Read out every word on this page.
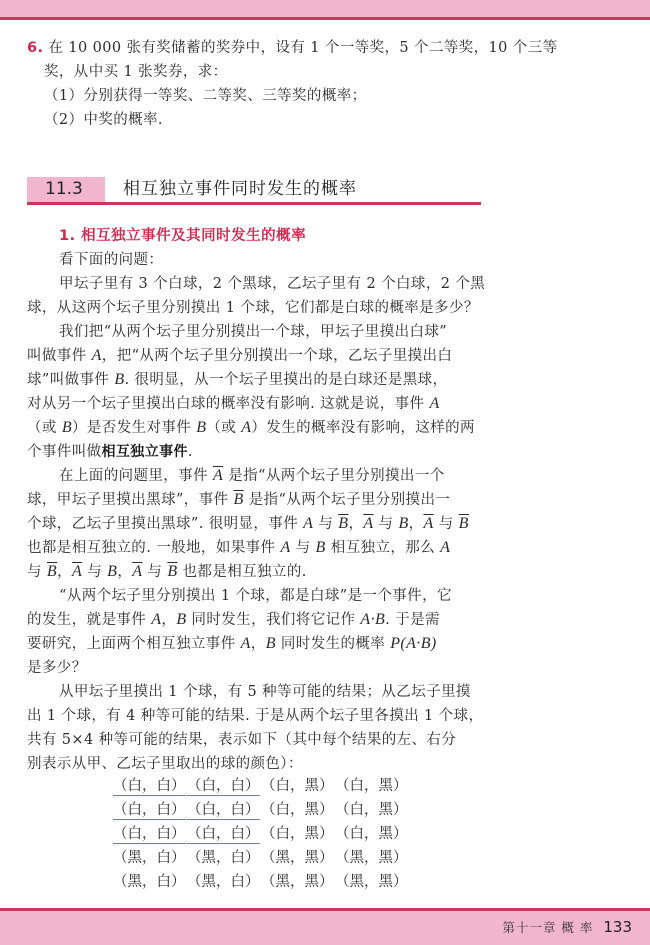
6. 在 10 000 张有奖储蓄的奖券中，设有 1 个一等奖，5 个二等奖，10 个三等
奖，从中买 1 张奖券，求：
（1）分别获得一等奖、二等奖、三等奖的概率；
（2）中奖的概率.
11.3 相互独立事件同时发生的概率
1. 相互独立事件及其同时发生的概率
看下面的问题：
甲坛子里有 3 个白球，2 个黑球，乙坛子里有 2 个白球，2 个黑
球，从这两个坛子里分别摸出 1 个球，它们都是白球的概率是多少？
我们把“从两个坛子里分别摸出一个球，甲坛子里摸出白球”
叫做事件 A，把“从两个坛子里分别摸出一个球，乙坛子里摸出白
球”叫做事件 B. 很明显，从一个坛子里摸出的是白球还是黑球，
对从另一个坛子里摸出白球的概率没有影响. 这就是说，事件 A
（或 B）是否发生对事件 B（或 A）发生的概率没有影响，这样的两
个事件叫做相互独立事件.
在上面的问题里，事件 $\overline{A}$ 是指“从两个坛子里分别摸出一个
球，甲坛子里摸出黑球”，事件 $\overline{B}$ 是指“从两个坛子里分别摸出一
个球，乙坛子里摸出黑球”. 很明显，事件 A 与 $\overline{B}$，$\overline{A}$ 与 B，$\overline{A}$ 与 $\overline{B}$
也都是相互独立的. 一般地，如果事件 A 与 B 相互独立，那么 A
与 $\overline{B}$，$\overline{A}$ 与 B，$\overline{A}$ 与 $\overline{B}$ 也都是相互独立的.
“从两个坛子里分别摸出 1 个球，都是白球”是一个事件，它
的发生，就是事件 A，B 同时发生，我们将它记作 A·B. 于是需
要研究，上面两个相互独立事件 A，B 同时发生的概率 P(A·B)
是多少？
从甲坛子里摸出 1 个球，有 5 种等可能的结果；从乙坛子里摸
出 1 个球，有 4 种等可能的结果. 于是从两个坛子里各摸出 1 个球，
共有 5×4 种等可能的结果，表示如下（其中每个结果的左、右分
别表示从甲、乙坛子里取出的球的颜色）：
（白，白） （白，白） （白，黑） （白，黑）
（白，白） （白，白） （白，黑） （白，黑）
（白，白） （白，白） （白，黑） （白，黑）
（黑，白） （黑，白） （黑，黑） （黑，黑）
（黑，白） （黑，白） （黑，黑） （黑，黑）
第十一章 概 率 133
